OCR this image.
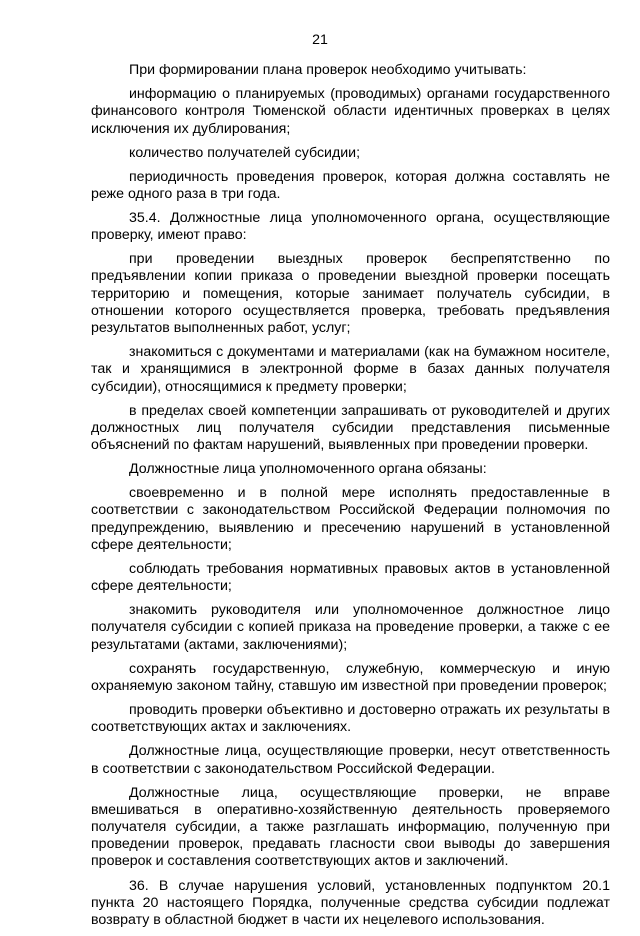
21

При формировании плана проверок необходимо учитывать:

информацию о планируемых (проводимых) органами государственного финансового контроля Тюменской области идентичных проверках в целях исключения их дублирования;

количество получателей субсидии;

периодичность проведения проверок, которая должна составлять не реже одного раза в три года.

35.4. Должностные лица уполномоченного органа, осуществляющие проверку, имеют право:

при проведении выездных проверок беспрепятственно по предъявлении копии приказа о проведении выездной проверки посещать территорию и помещения, которые занимает получатель субсидии, в отношении которого осуществляется проверка, требовать предъявления результатов выполненных работ, услуг;

знакомиться с документами и материалами (как на бумажном носителе, так и хранящимися в электронной форме в базах данных получателя субсидии), относящимися к предмету проверки;

в пределах своей компетенции запрашивать от руководителей и других должностных лиц получателя субсидии представления письменные объяснений по фактам нарушений, выявленных при проведении проверки.

Должностные лица уполномоченного органа обязаны:

своевременно и в полной мере исполнять предоставленные в соответствии с законодательством Российской Федерации полномочия по предупреждению, выявлению и пресечению нарушений в установленной сфере деятельности;

соблюдать требования нормативных правовых актов в установленной сфере деятельности;

знакомить руководителя или уполномоченное должностное лицо получателя субсидии с копией приказа на проведение проверки, а также с ее результатами (актами, заключениями);

сохранять государственную, служебную, коммерческую и иную охраняемую законом тайну, ставшую им известной при проведении проверок;

проводить проверки объективно и достоверно отражать их результаты в соответствующих актах и заключениях.

Должностные лица, осуществляющие проверки, несут ответственность в соответствии с законодательством Российской Федерации.

Должностные лица, осуществляющие проверки, не вправе вмешиваться в оперативно-хозяйственную деятельность проверяемого получателя субсидии, а также разглашать информацию, полученную при проведении проверок, предавать гласности свои выводы до завершения проверок и составления соответствующих актов и заключений.

36. В случае нарушения условий, установленных подпунктом 20.1 пункта 20 настоящего Порядка, полученные средства субсидии подлежат возврату в областной бюджет в части их нецелевого использования.
